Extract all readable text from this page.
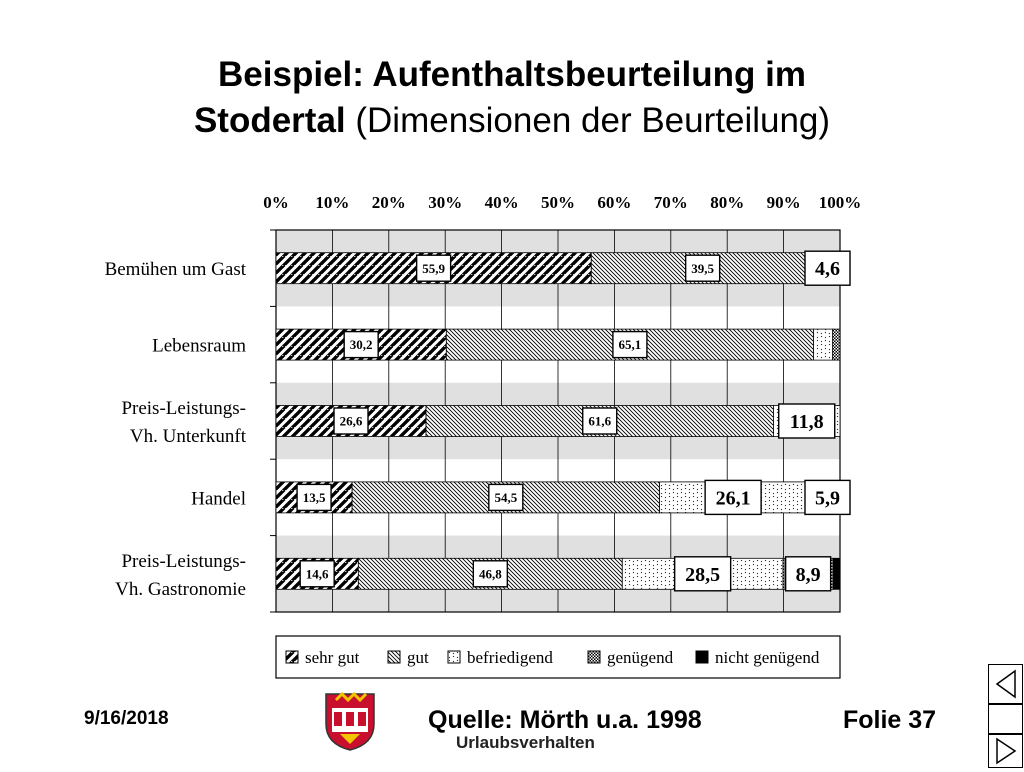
Beispiel: Aufenthaltsbeurteilung im
Stodertal (Dimensionen der Beurteilung)
0% 10% 20% 30% 40% 50% 60% 70% 80% 90% 100%
55,9	39,5	4,6
Bemühen um Gast
30,2	65,1
Lebensraum
26,6	61,6	11,8
Preis-Leistungs-
Vh. Unterkunft
13,5	54,5	26,1	5,9
Handel
14,6	46,8	28,5	8,9
Preis-Leistungs-
Vh. Gastronomie
sehr gut	gut befriedigend	genügend nicht genügend
9/16/2018	Quelle: Mörth u.a. 1998	Folie 37
Urlaubsverhalten
